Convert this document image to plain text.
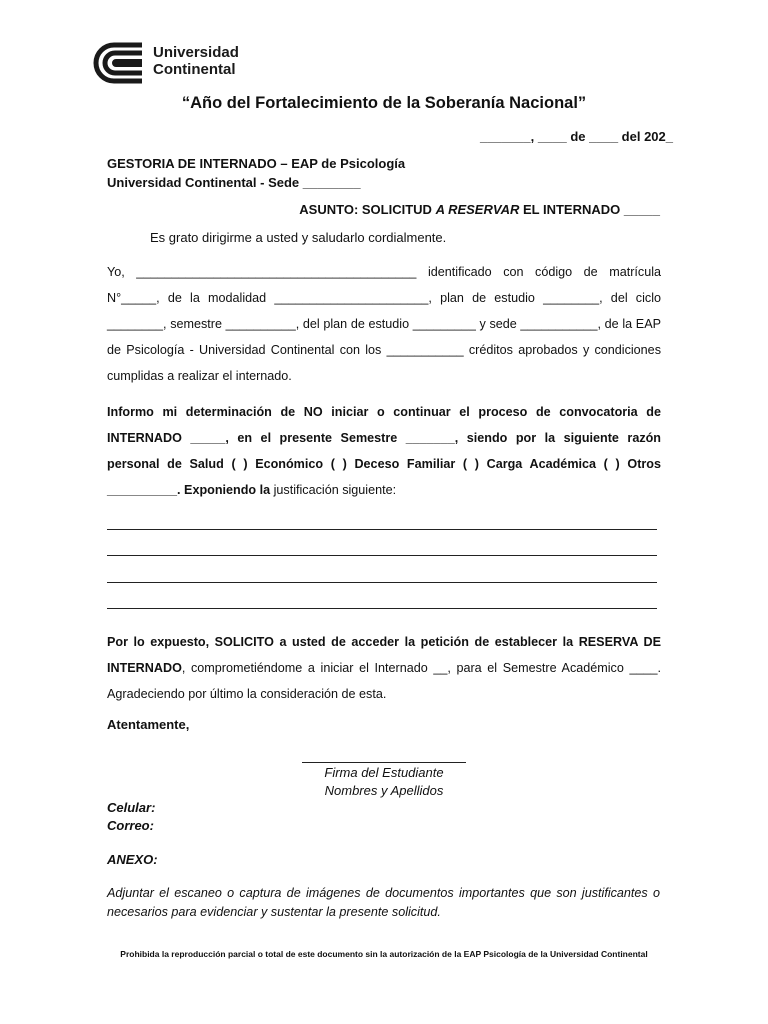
Universidad
Continental
“Año del Fortalecimiento de la Soberanía Nacional”
_______, ____ de ____ del 202_
GESTORIA DE INTERNADO – EAP de Psicología
Universidad Continental - Sede ________
ASUNTO: SOLICITUD A RESERVAR EL INTERNADO _____
Es grato dirigirme a usted y saludarlo cordialmente.
Yo, ________________________________________ identificado con código de matrícula N°_____, de la modalidad ______________________, plan de estudio ________, del ciclo ________, semestre __________, del plan de estudio _________ y sede ___________, de la EAP de Psicología - Universidad Continental con los ___________ créditos aprobados y condiciones cumplidas a realizar el internado.
Informo mi determinación de NO iniciar o continuar el proceso de convocatoria de INTERNADO _____, en el presente Semestre _______, siendo por la siguiente razón personal de Salud ( ) Económico ( ) Deceso Familiar ( ) Carga Académica ( ) Otros __________. Exponiendo la justificación siguiente:
Por lo expuesto, SOLICITO a usted de acceder la petición de establecer la RESERVA DE INTERNADO, comprometiéndome a iniciar el Internado __, para el Semestre Académico ____. Agradeciendo por último la consideración de esta.
Atentamente,
Firma del Estudiante
Nombres y Apellidos
Celular:
Correo:
ANEXO:
Adjuntar el escaneo o captura de imágenes de documentos importantes que son justificantes o necesarios para evidenciar y sustentar la presente solicitud.
Prohibida la reproducción parcial o total de este documento sin la autorización de la EAP Psicología de la Universidad Continental
